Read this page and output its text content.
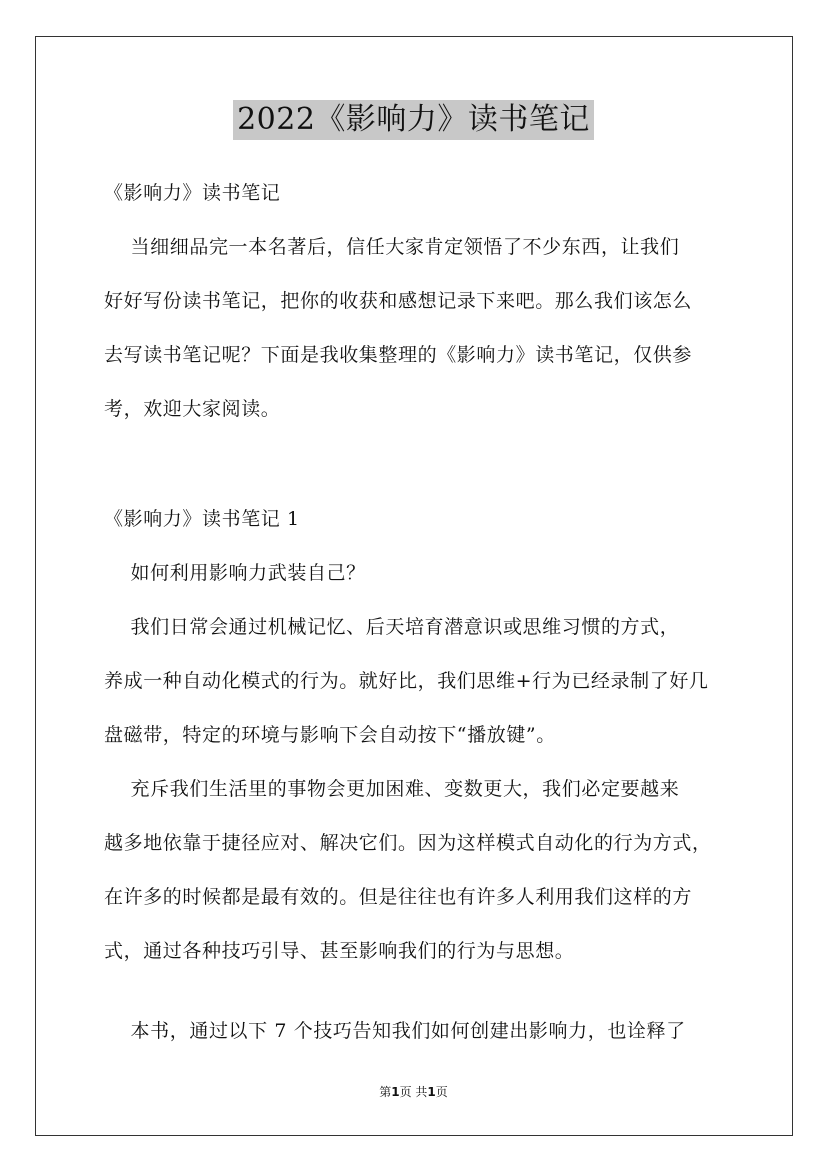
2022《影响力》读书笔记
《影响力》读书笔记
当细细品完一本名著后，信任大家肯定领悟了不少东西，让我们
好好写份读书笔记，把你的收获和感想记录下来吧。那么我们该怎么
去写读书笔记呢？下面是我收集整理的《影响力》读书笔记，仅供参
考，欢迎大家阅读。
《影响力》读书笔记 1
如何利用影响力武装自己？
我们日常会通过机械记忆、后天培育潜意识或思维习惯的方式，
养成一种自动化模式的行为。就好比，我们思维+行为已经录制了好几
盘磁带，特定的环境与影响下会自动按下“播放键”。
充斥我们生活里的事物会更加困难、变数更大，我们必定要越来
越多地依靠于捷径应对、解决它们。因为这样模式自动化的行为方式，
在许多的时候都是最有效的。但是往往也有许多人利用我们这样的方
式，通过各种技巧引导、甚至影响我们的行为与思想。
本书，通过以下 7 个技巧告知我们如何创建出影响力，也诠释了
第1页 共1页
